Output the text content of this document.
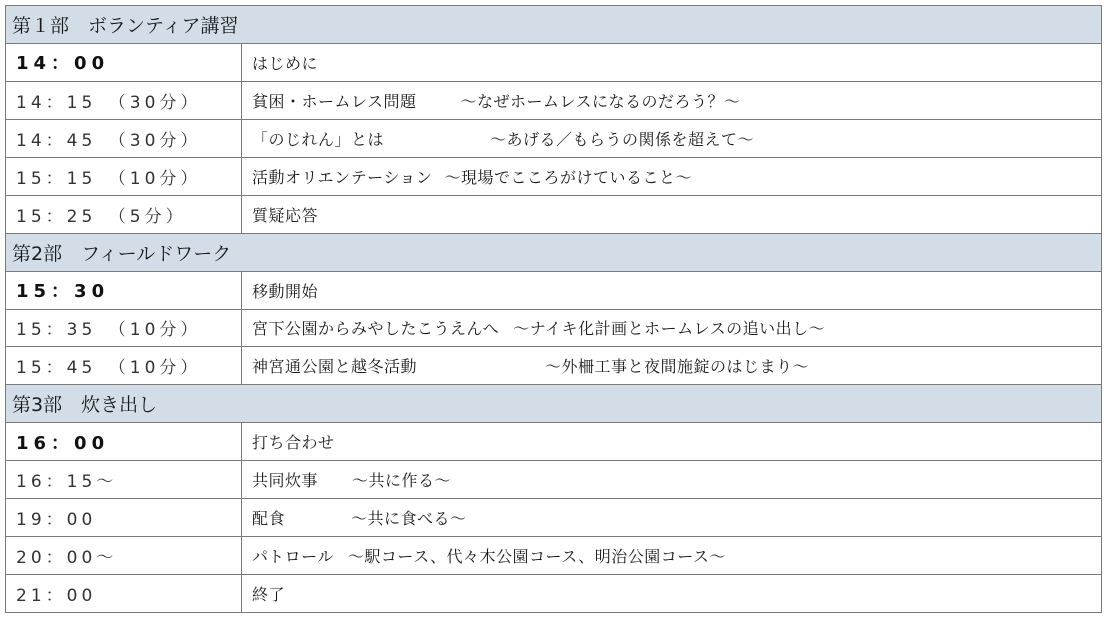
第１部　ボランティア講習	
14：00	はじめに
14：15　（30分）	貧困・ホームレス問題 ～なぜホームレスになるのだろう？～
14：45　（30分）	「のじれん」とは ～あげる／もらうの関係を超えて～
15：15　（10分）	活動オリエンテーション ～現場でこころがけていること～
15：25　（5分）	質疑応答
第2部　フィールドワーク	
15：30	移動開始
15：35　（10分）	宮下公園からみやしたこうえんへ ～ナイキ化計画とホームレスの追い出し～
15：45　（10分）	神宮通公園と越冬活動 ～外柵工事と夜間施錠のはじまり～
第3部　炊き出し	
16：00	打ち合わせ
16：15～	共同炊事 ～共に作る～
19：00	配食 ～共に食べる～
20：00～	パトロール ～駅コース、代々木公園コース、明治公園コース～
21：00	終了
